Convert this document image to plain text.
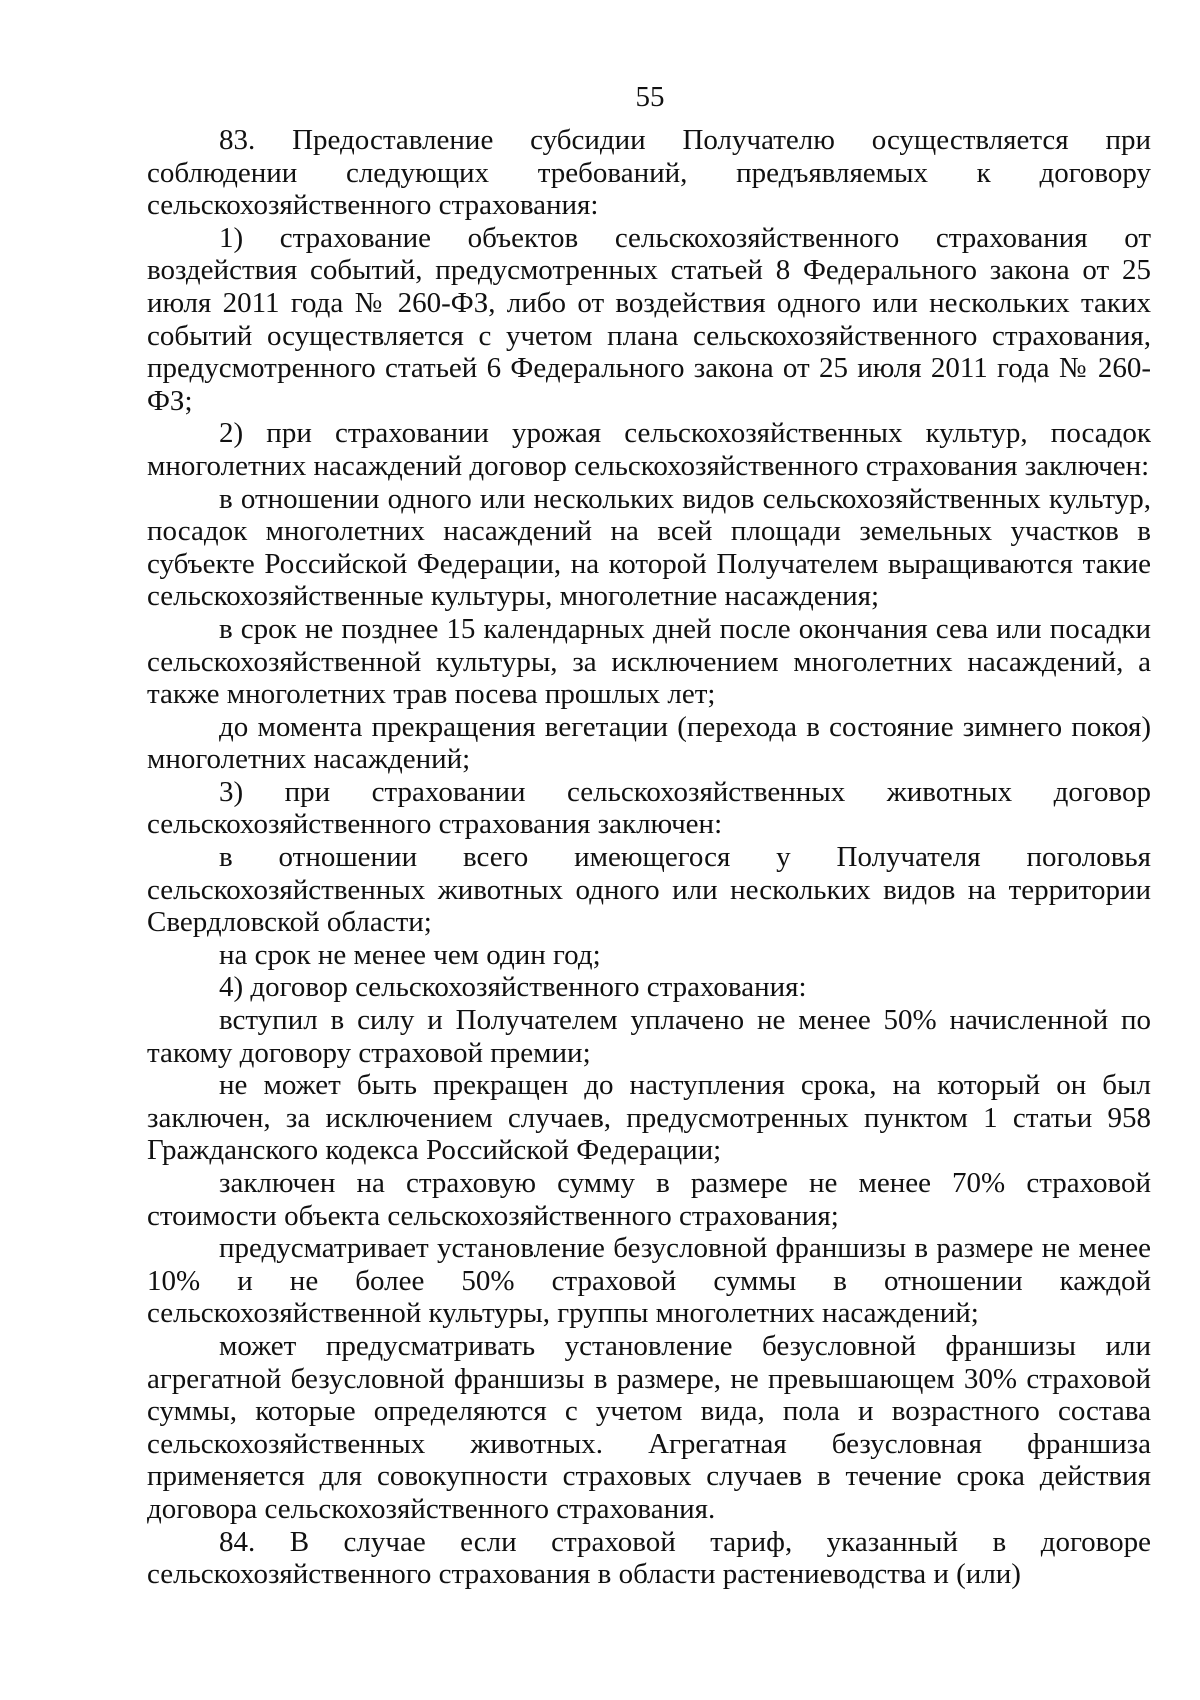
55

83. Предоставление субсидии Получателю осуществляется при соблюдении следующих требований, предъявляемых к договору сельскохозяйственного страхования:

1) страхование объектов сельскохозяйственного страхования от воздействия событий, предусмотренных статьей 8 Федерального закона от 25 июля 2011 года № 260-ФЗ, либо от воздействия одного или нескольких таких событий осуществляется с учетом плана сельскохозяйственного страхования, предусмотренного статьей 6 Федерального закона от 25 июля 2011 года № 260-ФЗ;

2) при страховании урожая сельскохозяйственных культур, посадок многолетних насаждений договор сельскохозяйственного страхования заключен:

в отношении одного или нескольких видов сельскохозяйственных культур, посадок многолетних насаждений на всей площади земельных участков в субъекте Российской Федерации, на которой Получателем выращиваются такие сельскохозяйственные культуры, многолетние насаждения;

в срок не позднее 15 календарных дней после окончания сева или посадки сельскохозяйственной культуры, за исключением многолетних насаждений, а также многолетних трав посева прошлых лет;

до момента прекращения вегетации (перехода в состояние зимнего покоя) многолетних насаждений;

3) при страховании сельскохозяйственных животных договор сельскохозяйственного страхования заключен:

в отношении всего имеющегося у Получателя поголовья сельскохозяйственных животных одного или нескольких видов на территории Свердловской области;

на срок не менее чем один год;

4) договор сельскохозяйственного страхования:

вступил в силу и Получателем уплачено не менее 50% начисленной по такому договору страховой премии;

не может быть прекращен до наступления срока, на который он был заключен, за исключением случаев, предусмотренных пунктом 1 статьи 958 Гражданского кодекса Российской Федерации;

заключен на страховую сумму в размере не менее 70% страховой стоимости объекта сельскохозяйственного страхования;

предусматривает установление безусловной франшизы в размере не менее 10% и не более 50% страховой суммы в отношении каждой сельскохозяйственной культуры, группы многолетних насаждений;

может предусматривать установление безусловной франшизы или агрегатной безусловной франшизы в размере, не превышающем 30% страховой суммы, которые определяются с учетом вида, пола и возрастного состава сельскохозяйственных животных. Агрегатная безусловная франшиза применяется для совокупности страховых случаев в течение срока действия договора сельскохозяйственного страхования.

84. В случае если страховой тариф, указанный в договоре сельскохозяйственного страхования в области растениеводства и (или)
